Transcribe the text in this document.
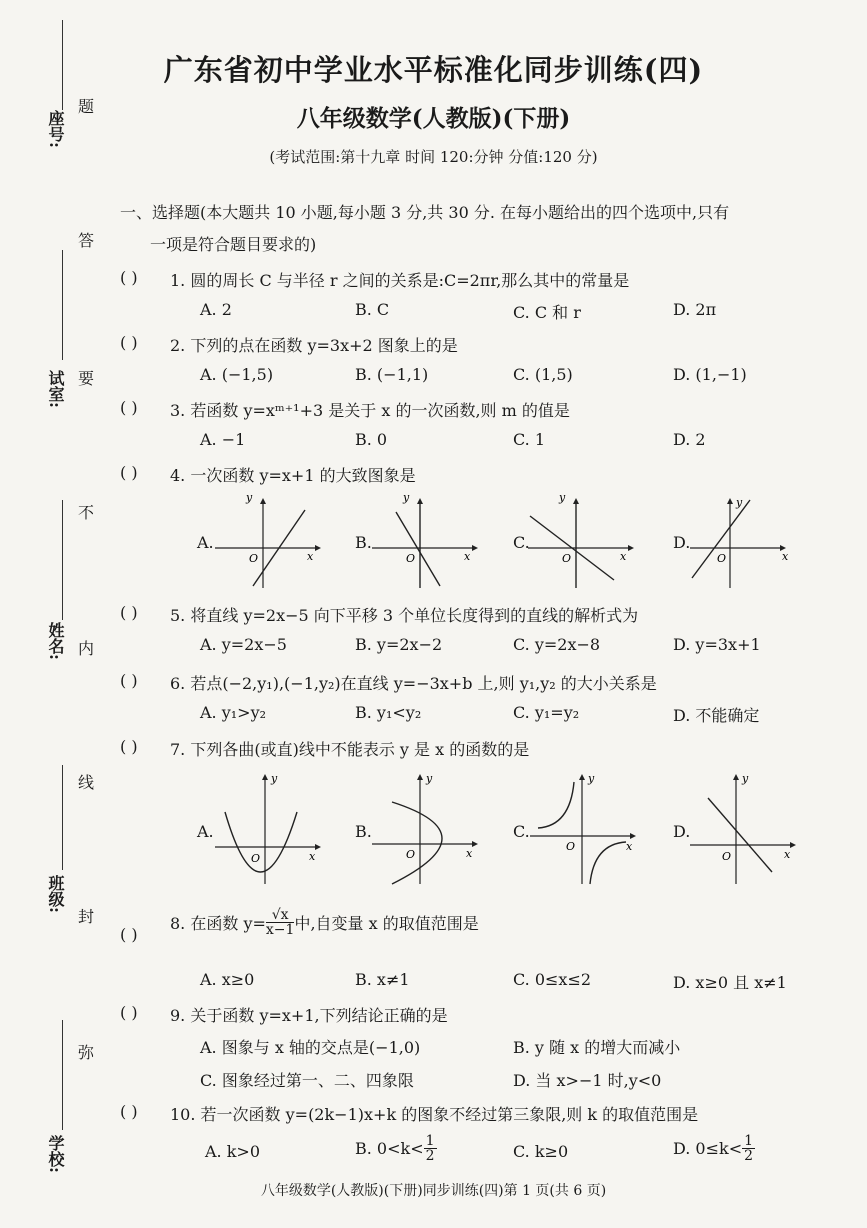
座号:
试室:
姓名:
班级:
学校:
题
答
要
不
内
线
封
弥
广东省初中学业水平标准化同步训练(四)
八年级数学(人教版)(下册)
(考试范围:第十九章 时间 120:分钟 分值:120 分)
一、选择题(本大题共 10 小题,每小题 3 分,共 30 分. 在每小题给出的四个选项中,只有
一项是符合题目要求的)
( ) 1. 圆的周长 C 与半径 r 之间的关系是:C=2πr,那么其中的常量是
A. 2	B. C	C. C 和 r	D. 2π
( ) 2. 下列的点在函数 y=3x+2 图象上的是
A. (−1,5)	B. (−1,1)	C. (1,5)	D. (1,−1)
( ) 3. 若函数 y=xᵐ⁺¹+3 是关于 x 的一次函数,则 m 的值是
A. −1	B. 0	C. 1	D. 2
( ) 4. 一次函数 y=x+1 的大致图象是
A.	B.	C.	D.
y
x
O
y
x
O
y
x
O
y
x
O
( ) 5. 将直线 y=2x−5 向下平移 3 个单位长度得到的直线的解析式为
A. y=2x−5	B. y=2x−2	C. y=2x−8	D. y=3x+1
( ) 6. 若点(−2,y₁),(−1,y₂)在直线 y=−3x+b 上,则 y₁,y₂ 的大小关系是
A. y₁>y₂	B. y₁<y₂	C. y₁=y₂	D. 不能确定
( ) 7. 下列各曲(或直)线中不能表示 y 是 x 的函数的是
A.	B.	C.	D.
y
x
O
y
x
O
y
x
O
y
x
O
( )
8. 在函数 $y= \frac{√x}{x-1}$ 中,自变量 x 的取值范围是
A. x≥0	B. x≠1	C. 0≤x≤2	D. x≥0 且 x≠1
( ) 9. 关于函数 y=x+1,下列结论正确的是
A. 图象与 x 轴的交点是(−1,0)	B. y 随 x 的增大而减小
C. 图象经过第一、二、四象限	D. 当 x>−1 时,y<0
( ) 10. 若一次函数 y=(2k−1)x+k 的图象不经过第三象限,则 k 的取值范围是
A. k>0	B. $0<k< \frac{1}{2}$	C. k≥0	D. $0\le k< \frac{1}{2}$
八年级数学(人教版)(下册)同步训练(四)第 1 页(共 6 页)
